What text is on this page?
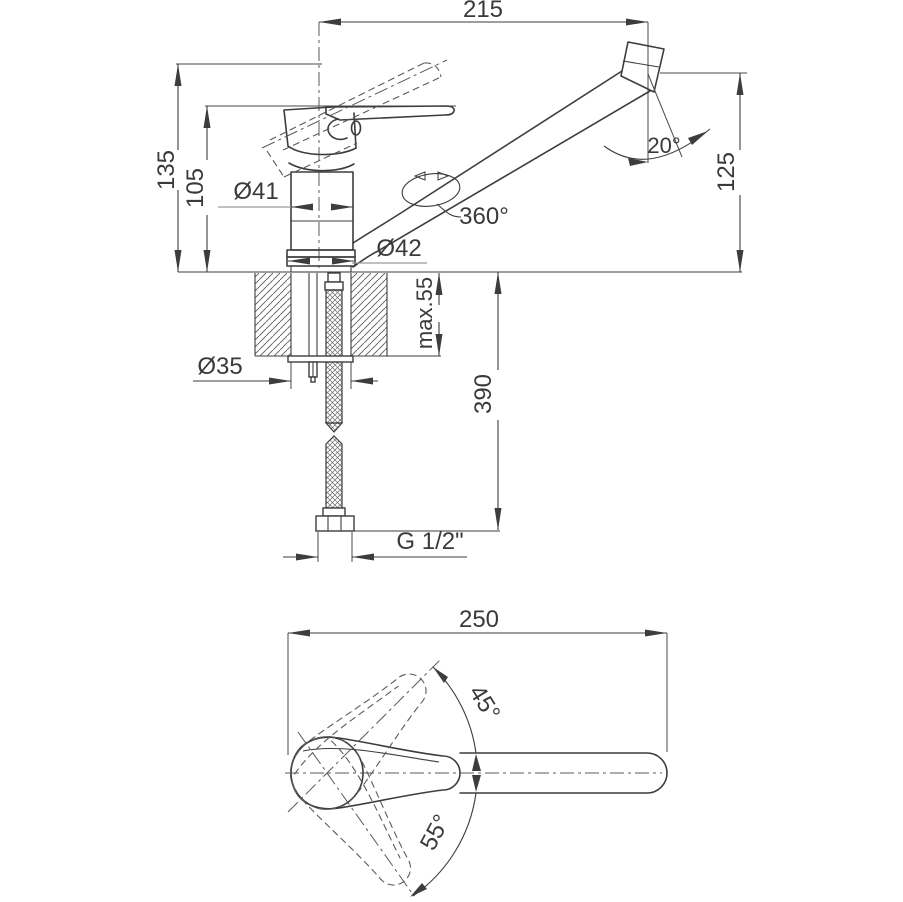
215
135 105 Ø41
360°
Ø42
20°
125
max.55
Ø35
390
G 1/2"
250
45°
55°
